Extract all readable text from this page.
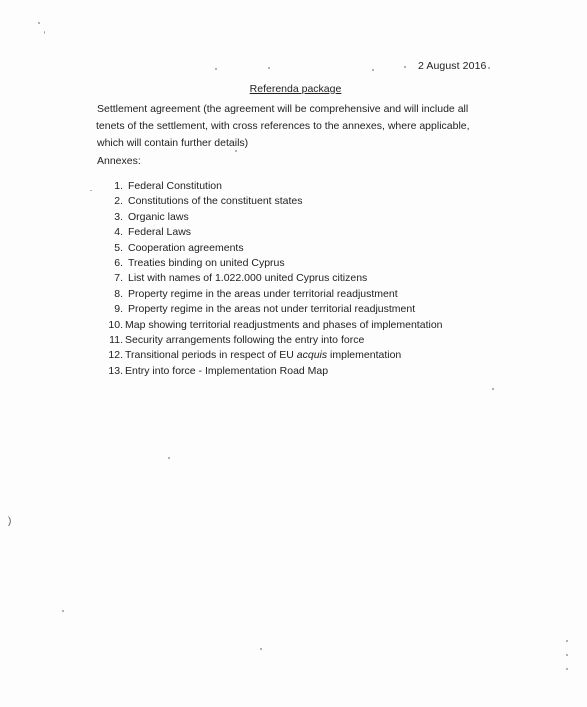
2 August 2016
Referenda package
Settlement agreement (the agreement will be comprehensive and will include all
tenets of the settlement, with cross references to the annexes, where applicable,
which will contain further details)
Annexes:
1. Federal Constitution
2. Constitutions of the constituent states
3. Organic laws
4. Federal Laws
5. Cooperation agreements
6. Treaties binding on united Cyprus
7. List with names of 1.022.000 united Cyprus citizens
8. Property regime in the areas under territorial readjustment
9. Property regime in the areas not under territorial readjustment
10. Map showing territorial readjustments and phases of implementation
11. Security arrangements following the entry into force
12. Transitional periods in respect of EU acquis implementation
13. Entry into force - Implementation Road Map
)
